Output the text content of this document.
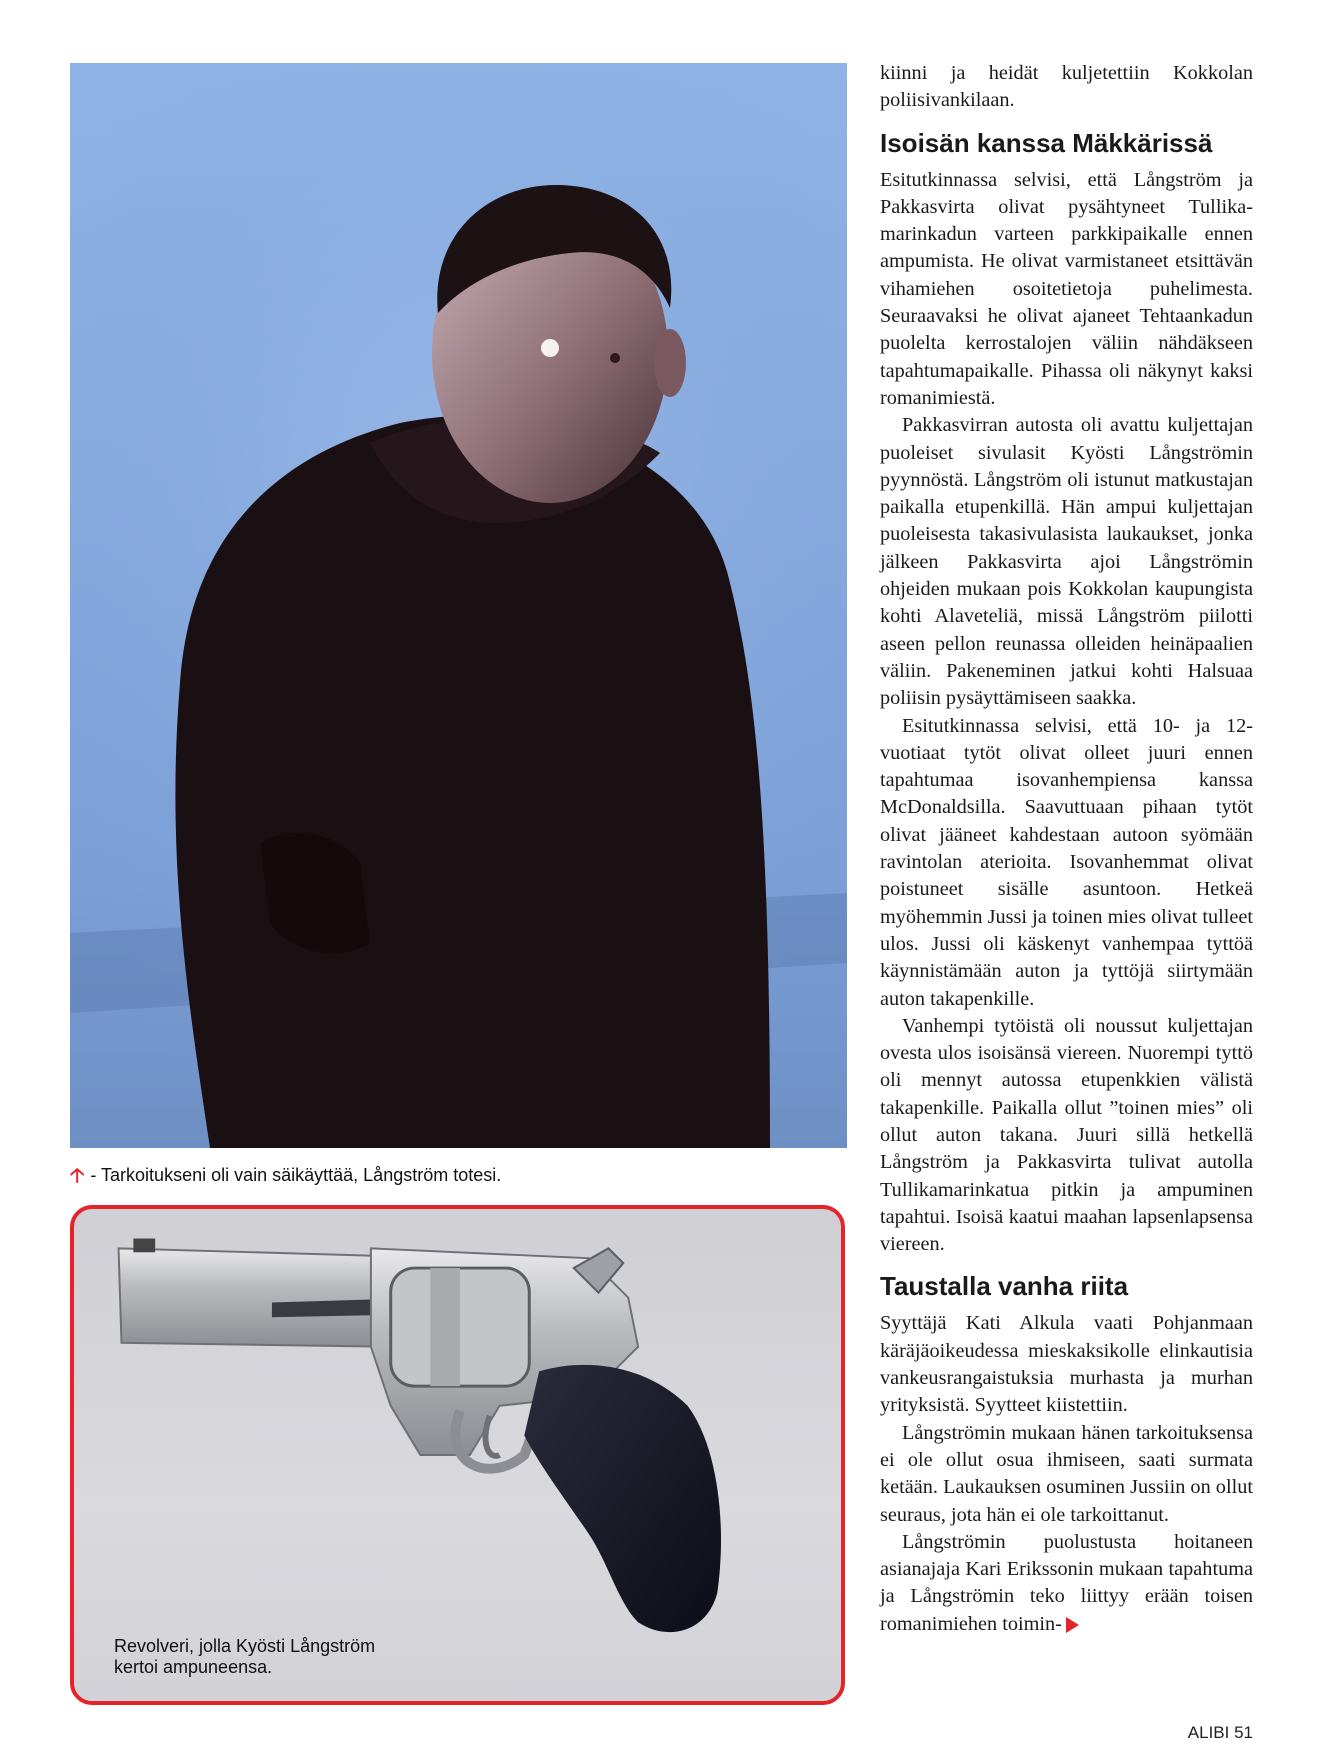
🡡 - Tarkoitukseni oli vain säikäyttää, Långström totesi.
Revolveri, jolla Kyösti Långström
kertoi ampuneensa.

kiinni ja heidät kuljetettiin Kokkolan poliisivankilaan.

Isoisän kanssa Mäkkärissä

Esitutkinnassa selvisi, että Långström ja Pakkasvirta olivat pysähtyneet Tullikamarinkadun varteen parkkipaikalle ennen ampumista. He olivat varmistaneet etsittävän vihamiehen osoitetietoja puhelimesta. Seuraavaksi he olivat ajaneet Tehtaankadun puolelta kerrostalojen väliin nähdäkseen tapahtumapaikalle. Pihassa oli näkynyt kaksi romanimiestä.

Pakkasvirran autosta oli avattu kuljettajan puoleiset sivulasit Kyösti Långströmin pyynnöstä. Långström oli istunut matkustajan paikalla etupenkillä. Hän ampui kuljettajan puoleisesta takasivulasista laukaukset, jonka jälkeen Pakkasvirta ajoi Långströmin ohjeiden mukaan pois Kokkolan kaupungista kohti Alaveteliä, missä Långström piilotti aseen pellon reunassa olleiden heinäpaalien väliin. Pakeneminen jatkui kohti Halsuaa poliisin pysäyttämiseen saakka.

Esitutkinnassa selvisi, että 10- ja 12-vuotiaat tytöt olivat olleet juuri ennen tapahtumaa isovanhempiensa kanssa McDonaldsilla. Saavuttuaan pihaan tytöt olivat jääneet kahdestaan autoon syömään ravintolan aterioita. Isovanhemmat olivat poistuneet sisälle asuntoon. Hetkeä myöhemmin Jussi ja toinen mies olivat tulleet ulos. Jussi oli käskenyt vanhempaa tyttöä käynnistämään auton ja tyttöjä siirtymään auton takapenkille.

Vanhempi tytöistä oli noussut kuljettajan ovesta ulos isoisänsä viereen. Nuorempi tyttö oli mennyt autossa etupenkkien välistä takapenkille. Paikalla ollut ”toinen mies” oli ollut auton takana. Juuri sillä hetkellä Långström ja Pakkasvirta tulivat autolla Tullikamarinkatua pitkin ja ampuminen tapahtui. Isoisä kaatui maahan lapsenlapsensa viereen.

Taustalla vanha riita

Syyttäjä Kati Alkula vaati Pohjanmaan käräjäoikeudessa mieskaksikolle elinkautisia vankeusrangaistuksia murhasta ja murhan yrityksistä. Syytteet kiistettiin.

Långströmin mukaan hänen tarkoituksensa ei ole ollut osua ihmiseen, saati surmata ketään. Laukauksen osuminen Jussiin on ollut seuraus, jota hän ei ole tarkoittanut.

Långströmin puolustusta hoitaneen asianajaja Kari Erikssonin mukaan tapahtuma ja Långströmin teko liittyy erään toisen romanimiehen toimin-

ALIBI 51
